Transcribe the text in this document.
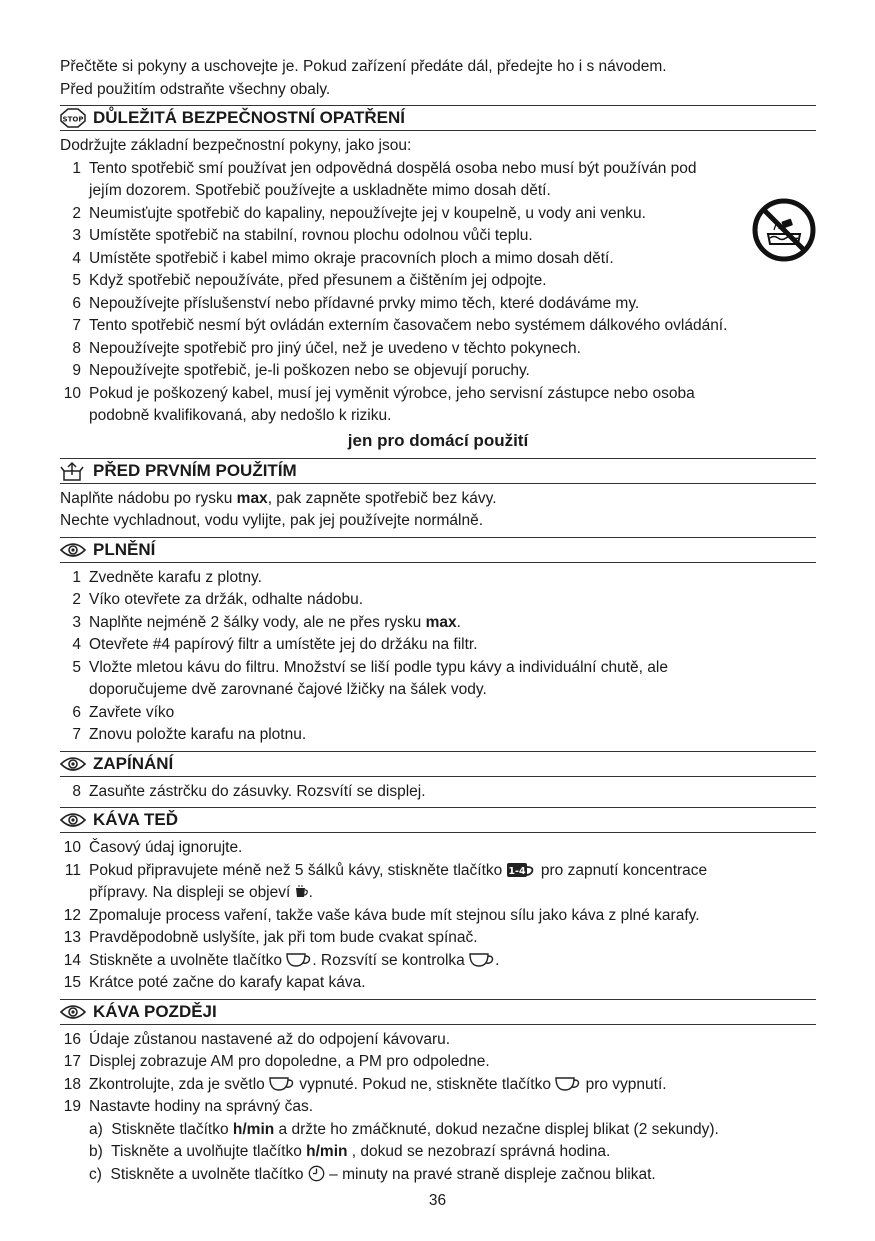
Přečtěte si pokyny a uschovejte je. Pokud zařízení předáte dál, předejte ho i s návodem.

Před použitím odstraňte všechny obaly.

STOP DŮLEŽITÁ BEZPEČNOSTNÍ OPATŘENÍ

Dodržujte základní bezpečnostní pokyny, jako jsou:

1 Tento spotřebič smí používat jen odpovědná dospělá osoba nebo musí být používán pod
jejím dozorem. Spotřebič používejte a uskladněte mimo dosah dětí.
2 Neumisťujte spotřebič do kapaliny, nepoužívejte jej v koupelně, u vody ani venku.
3 Umístěte spotřebič na stabilní, rovnou plochu odolnou vůči teplu.
4 Umístěte spotřebič i kabel mimo okraje pracovních ploch a mimo dosah dětí.
5 Když spotřebič nepoužíváte, před přesunem a čištěním jej odpojte.
6 Nepoužívejte příslušenství nebo přídavné prvky mimo těch, které dodáváme my.
7 Tento spotřebič nesmí být ovládán externím časovačem nebo systémem dálkového ovládání.
8 Nepoužívejte spotřebič pro jiný účel, než je uvedeno v těchto pokynech.
9 Nepoužívejte spotřebič, je-li poškozen nebo se objevují poruchy.
10 Pokud je poškozený kabel, musí jej vyměnit výrobce, jeho servisní zástupce nebo osoba
podobně kvalifikovaná, aby nedošlo k riziku.
jen pro domácí použití
PŘED PRVNÍM POUŽITÍM

Naplňte nádobu po rysku max, pak zapněte spotřebič bez kávy.

Nechte vychladnout, vodu vylijte, pak jej používejte normálně.

PLNĚNÍ
1 Zvedněte karafu z plotny.
2 Víko otevřete za držák, odhalte nádobu.
3 Naplňte nejméně 2 šálky vody, ale ne přes rysku max.
4 Otevřete #4 papírový filtr a umístěte jej do držáku na filtr.
5 Vložte mletou kávu do filtru. Množství se liší podle typu kávy a individuální chutě, ale
doporučujeme dvě zarovnané čajové lžičky na šálek vody.
6 Zavřete víko
7 Znovu položte karafu na plotnu.
ZAPÍNÁNÍ
8 Zasuňte zástrčku do zásuvky. Rozsvítí se displej.
KÁVA TEĎ
10 Časový údaj ignorujte.
11 Pokud připravujete méně než 5 šálků kávy, stiskněte tlačítko 1-4 pro zapnutí koncentrace
přípravy. Na displeji se objeví .
12 Zpomaluje process vaření, takže vaše káva bude mít stejnou sílu jako káva z plné karafy.
13 Pravděpodobně uslyšíte, jak při tom bude cvakat spínač.
14 Stiskněte a uvolněte tlačítko . Rozsvítí se kontrolka .
15 Krátce poté začne do karafy kapat káva.
KÁVA POZDĚJI
16 Údaje zůstanou nastavené až do odpojení kávovaru.
17 Displej zobrazuje AM pro dopoledne, a PM pro odpoledne.
18 Zkontrolujte, zda je světlo  vypnuté. Pokud ne, stiskněte tlačítko  pro vypnutí.
19 Nastavte hodiny na správný čas.
a) Stiskněte tlačítko h/min a držte ho zmáčknuté, dokud nezačne displej blikat (2 sekundy).
b) Tiskněte a uvolňujte tlačítko h/min , dokud se nezobrazí správná hodina.
c) Stiskněte a uvolněte tlačítko  – minuty na pravé straně displeje začnou blikat.
36
